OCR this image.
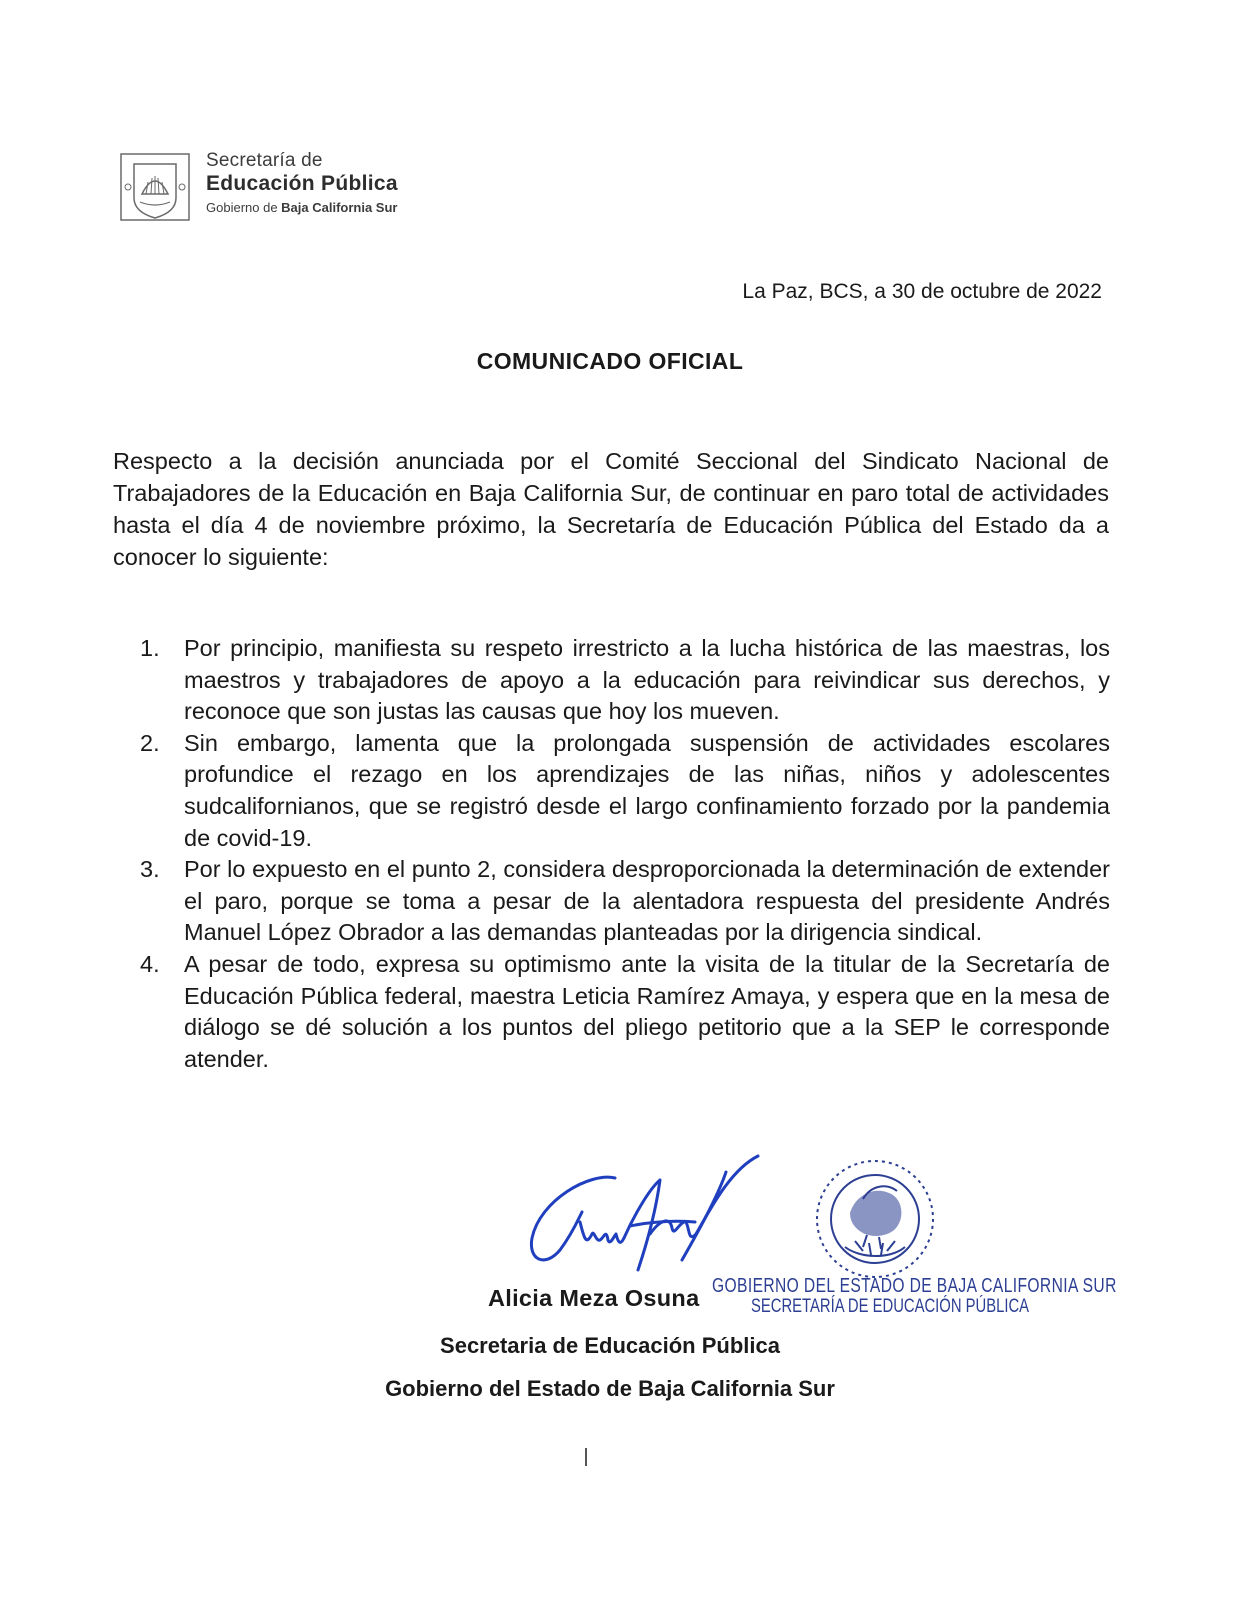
Secretaría de
Educación Pública
Gobierno de Baja California Sur
La Paz, BCS, a 30 de octubre de 2022
COMUNICADO OFICIAL
Respecto a la decisión anunciada por el Comité Seccional del Sindicato Nacional de Trabajadores de la Educación en Baja California Sur, de continuar en paro total de actividades hasta el día 4 de noviembre próximo, la Secretaría de Educación Pública del Estado da a conocer lo siguiente:
1.	Por principio, manifiesta su respeto irrestricto a la lucha histórica de las maestras, los maestros y trabajadores de apoyo a la educación para reivindicar sus derechos, y reconoce que son justas las causas que hoy los mueven.
2.	Sin embargo, lamenta que la prolongada suspensión de actividades escolares profundice el rezago en los aprendizajes de las niñas, niños y adolescentes sudcalifornianos, que se registró desde el largo confinamiento forzado por la pandemia de covid-19.
3.	Por lo expuesto en el punto 2, considera desproporcionada la determinación de extender el paro, porque se toma a pesar de la alentadora respuesta del presidente Andrés Manuel López Obrador a las demandas planteadas por la dirigencia sindical.
4.	A pesar de todo, expresa su optimismo ante la visita de la titular de la Secretaría de Educación Pública federal, maestra Leticia Ramírez Amaya, y espera que en la mesa de diálogo se dé solución a los puntos del pliego petitorio que a la SEP le corresponde atender.
GOBIERNO DEL ESTADO DE BAJA CALIFORNIA SUR
SECRETARÍA DE EDUCACIÓN PÚBLICA
Alicia Meza Osuna
Secretaria de Educación Pública
Gobierno del Estado de Baja California Sur
